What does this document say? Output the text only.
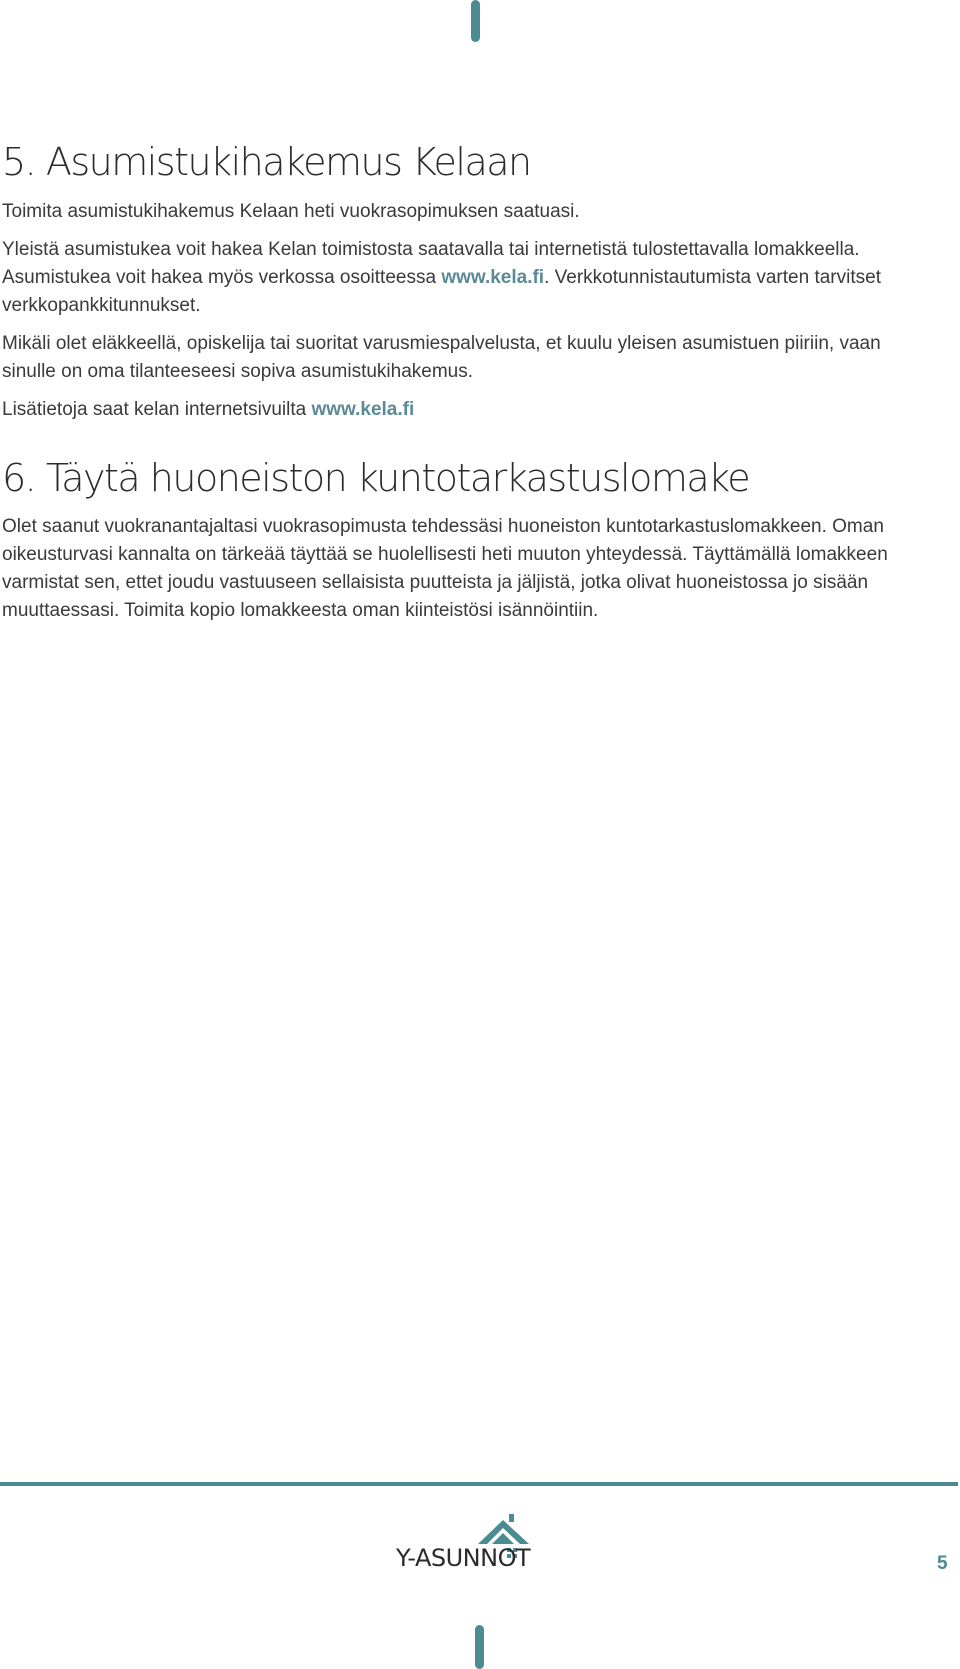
5. Asumistukihakemus Kelaan

Toimita asumistukihakemus Kelaan heti vuokrasopimuksen saatuasi.

Yleistä asumistukea voit hakea Kelan toimistosta saatavalla tai internetistä tulostettavalla lomakkeella. Asumistukea voit hakea myös verkossa osoitteessa www.kela.fi. Verkkotunnistautumista varten tarvitset verkkopankkitunnukset.

Mikäli olet eläkkeellä, opiskelija tai suoritat varusmiespalvelusta, et kuulu yleisen asumistuen piiriin, vaan sinulle on oma tilanteeseesi sopiva asumistukihakemus.

Lisätietoja saat kelan internetsivuilta www.kela.fi

6. Täytä huoneiston kuntotarkastuslomake

Olet saanut vuokranantajaltasi vuokrasopimusta tehdessäsi huoneiston kuntotarkastuslomakkeen. Oman oikeusturvasi kannalta on tärkeää täyttää se huolellisesti heti muuton yhteydessä. Täyttämällä lomakkeen varmistat sen, ettet joudu vastuuseen sellaisista puutteista ja jäljistä, jotka olivat huoneistossa jo sisään muuttaessasi. Toimita kopio lomakkeesta oman kiinteistösi isännöintiin.

Y-ASUNNOT	5
